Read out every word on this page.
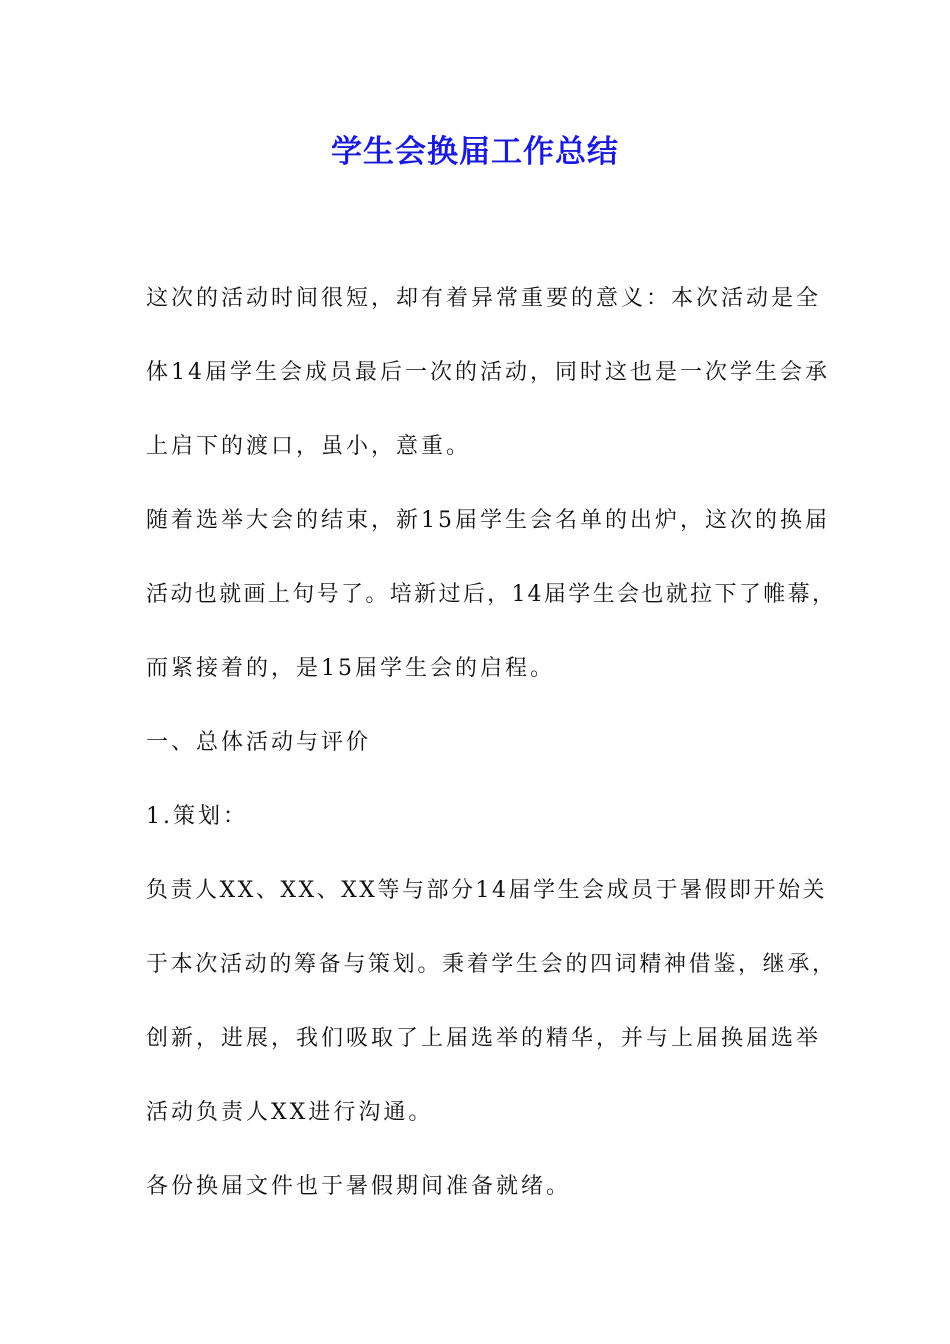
学生会换届工作总结
这次的活动时间很短，却有着异常重要的意义：本次活动是全
体14届学生会成员最后一次的活动，同时这也是一次学生会承
上启下的渡口，虽小，意重。
随着选举大会的结束，新15届学生会名单的出炉，这次的换届
活动也就画上句号了。培新过后，14届学生会也就拉下了帷幕，
而紧接着的，是15届学生会的启程。
一、总体活动与评价
1.策划：
负责人XX、XX、XX等与部分14届学生会成员于暑假即开始关
于本次活动的筹备与策划。秉着学生会的四词精神借鉴，继承，
创新，进展，我们吸取了上届选举的精华，并与上届换届选举
活动负责人XX进行沟通。
各份换届文件也于暑假期间准备就绪。
